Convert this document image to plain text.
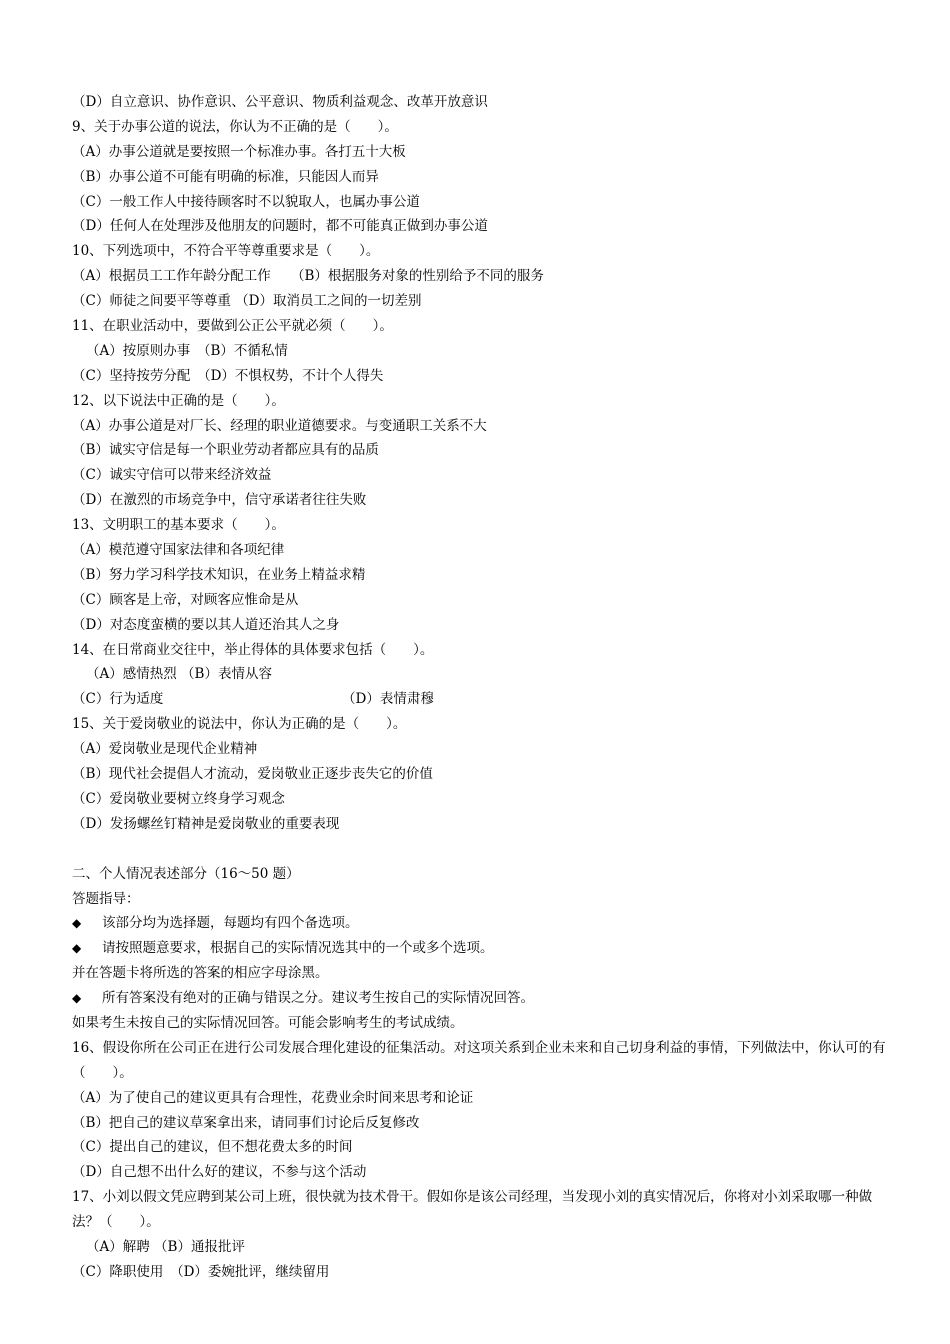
（D）自立意识、协作意识、公平意识、物质利益观念、改革开放意识
9、关于办事公道的说法，你认为不正确的是（　　）。
（A）办事公道就是要按照一个标准办事。各打五十大板
（B）办事公道不可能有明确的标准，只能因人而异
（C）一般工作人中接待顾客时不以貌取人，也属办事公道
（D）任何人在处理涉及他朋友的问题时，都不可能真正做到办事公道
10、下列选项中，不符合平等尊重要求是（　　）。
（A）根据员工工作年龄分配工作　　（B）根据服务对象的性别给予不同的服务
（C）师徒之间要平等尊重 （D）取消员工之间的一切差别
11、在职业活动中，要做到公正公平就必须（　　）。
（A）按原则办事　（B）不循私情
（C）坚持按劳分配　（D）不惧权势，不计个人得失
12、以下说法中正确的是（　　）。
（A）办事公道是对厂长、经理的职业道德要求。与变通职工关系不大
（B）诚实守信是每一个职业劳动者都应具有的品质
（C）诚实守信可以带来经济效益
（D）在激烈的市场竞争中，信守承诺者往往失败
13、文明职工的基本要求（　　）。
（A）模范遵守国家法律和各项纪律
（B）努力学习科学技术知识，在业务上精益求精
（C）顾客是上帝，对顾客应惟命是从
（D）对态度蛮横的要以其人道还治其人之身
14、在日常商业交往中，举止得体的具体要求包括（　　）。
（A）感情热烈 （B）表情从容
（C）行为适度	（D）表情肃穆
15、关于爱岗敬业的说法中，你认为正确的是（　　）。
（A）爱岗敬业是现代企业精神
（B）现代社会提倡人才流动，爱岗敬业正逐步丧失它的价值
（C）爱岗敬业要树立终身学习观念
（D）发扬螺丝钉精神是爱岗敬业的重要表现
二、个人情况表述部分（16～50 题）
答题指导：
◆	该部分均为选择题，每题均有四个备选项。
◆	请按照题意要求，根据自己的实际情况选其中的一个或多个选项。
并在答题卡将所选的答案的相应字母涂黑。
◆	所有答案没有绝对的正确与错误之分。建议考生按自己的实际情况回答。
如果考生未按自己的实际情况回答。可能会影响考生的考试成绩。
16、假设你所在公司正在进行公司发展合理化建设的征集活动。对这项关系到企业未来和自己切身利益的事情，下列做法中，你认可的有（　　）。
（A）为了使自己的建议更具有合理性，花费业余时间来思考和论证
（B）把自己的建议草案拿出来，请同事们讨论后反复修改
（C）提出自己的建议，但不想花费太多的时间
（D）自己想不出什么好的建议，不参与这个活动
17、小刘以假文凭应聘到某公司上班，很快就为技术骨干。假如你是该公司经理，当发现小刘的真实情况后，你将对小刘采取哪一种做法？（　　）。
（A）解聘 （B）通报批评
（C）降职使用　（D）委婉批评，继续留用
